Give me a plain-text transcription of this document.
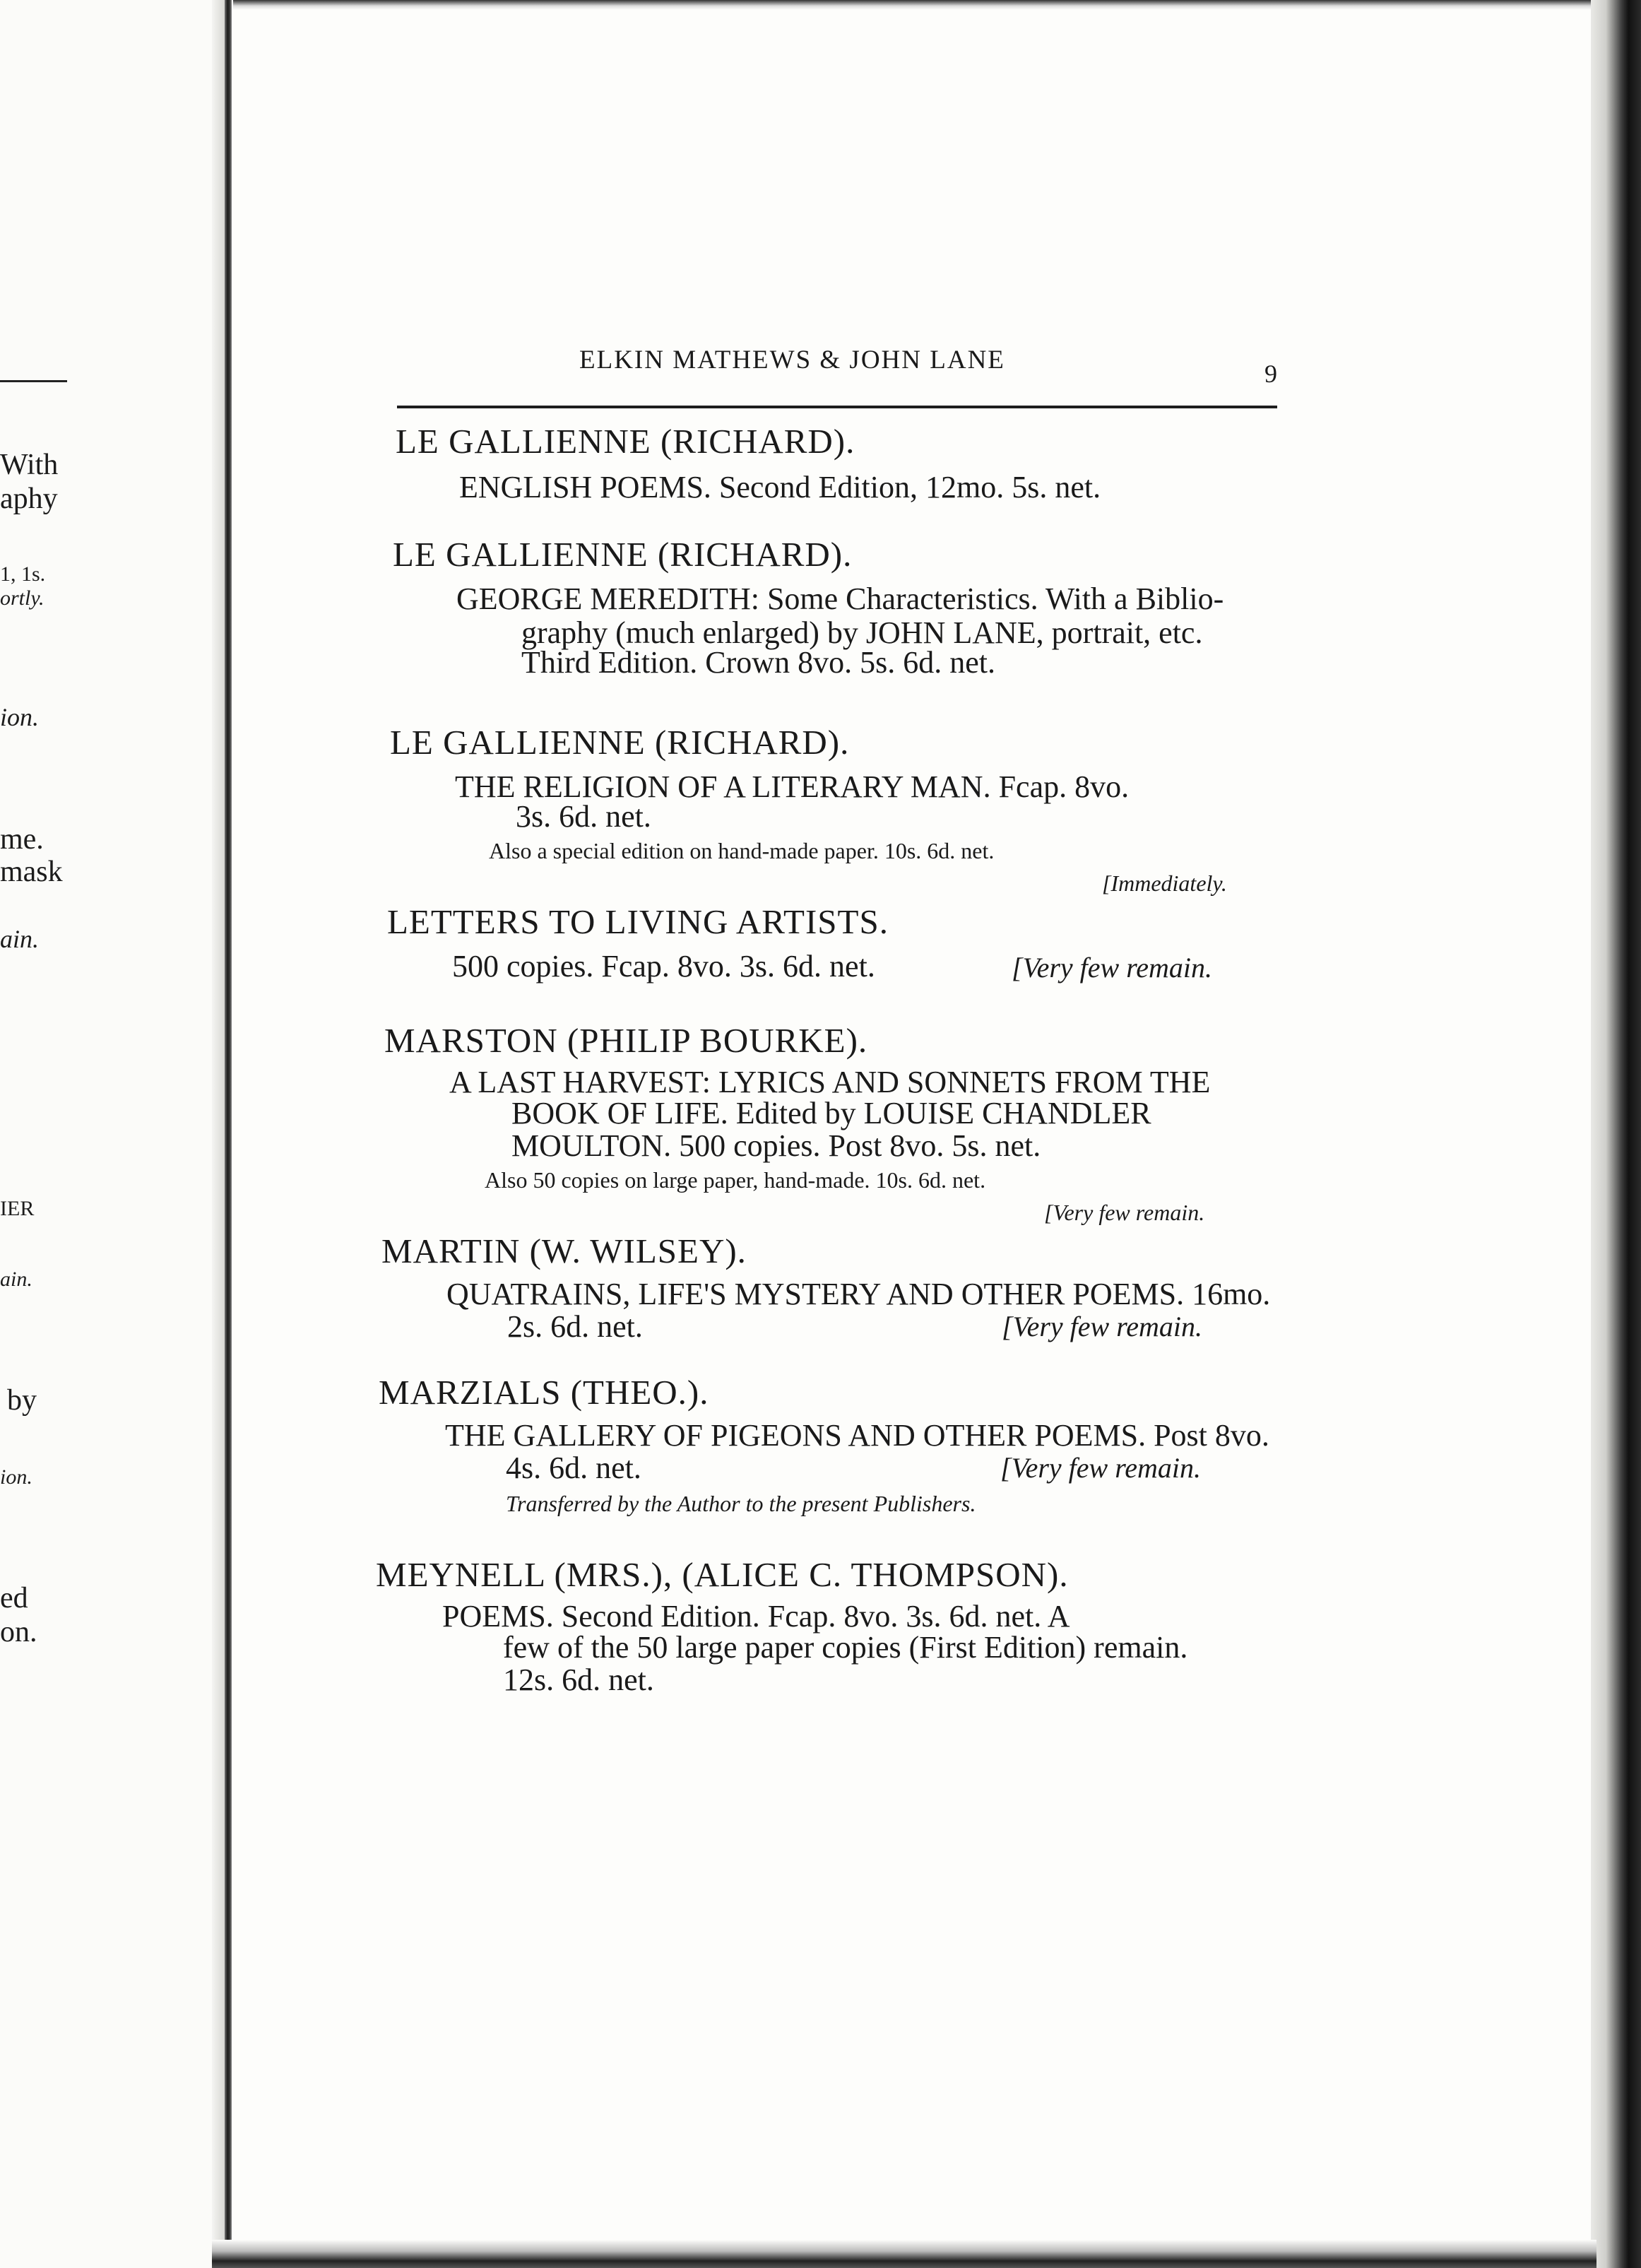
With
aphy
1, 1s.
ortly.
ion.
me.
mask
ain.
IER
ain.
by
ion.
ed
on.
ELKIN MATHEWS & JOHN LANE	9
LE GALLIENNE (RICHARD).
ENGLISH POEMS. Second Edition, 12mo. 5s. net.
LE GALLIENNE (RICHARD).
GEORGE MEREDITH: Some Characteristics. With a Biblio-
graphy (much enlarged) by JOHN LANE, portrait, etc.
Third Edition. Crown 8vo. 5s. 6d. net.
LE GALLIENNE (RICHARD).
THE RELIGION OF A LITERARY MAN. Fcap. 8vo.
3s. 6d. net.
Also a special edition on hand-made paper. 10s. 6d. net.
[Immediately.
LETTERS TO LIVING ARTISTS.
500 copies. Fcap. 8vo. 3s. 6d. net.	[Very few remain.
MARSTON (PHILIP BOURKE).
A LAST HARVEST: LYRICS AND SONNETS FROM THE
BOOK OF LIFE. Edited by LOUISE CHANDLER
MOULTON. 500 copies. Post 8vo. 5s. net.
Also 50 copies on large paper, hand-made. 10s. 6d. net.
[Very few remain.
MARTIN (W. WILSEY).
QUATRAINS, LIFE'S MYSTERY AND OTHER POEMS. 16mo.
2s. 6d. net.	[Very few remain.
MARZIALS (THEO.).
THE GALLERY OF PIGEONS AND OTHER POEMS. Post 8vo.
4s. 6d. net.	[Very few remain.
Transferred by the Author to the present Publishers.
MEYNELL (MRS.), (ALICE C. THOMPSON).
POEMS. Second Edition. Fcap. 8vo. 3s. 6d. net. A
few of the 50 large paper copies (First Edition) remain.
12s. 6d. net.
